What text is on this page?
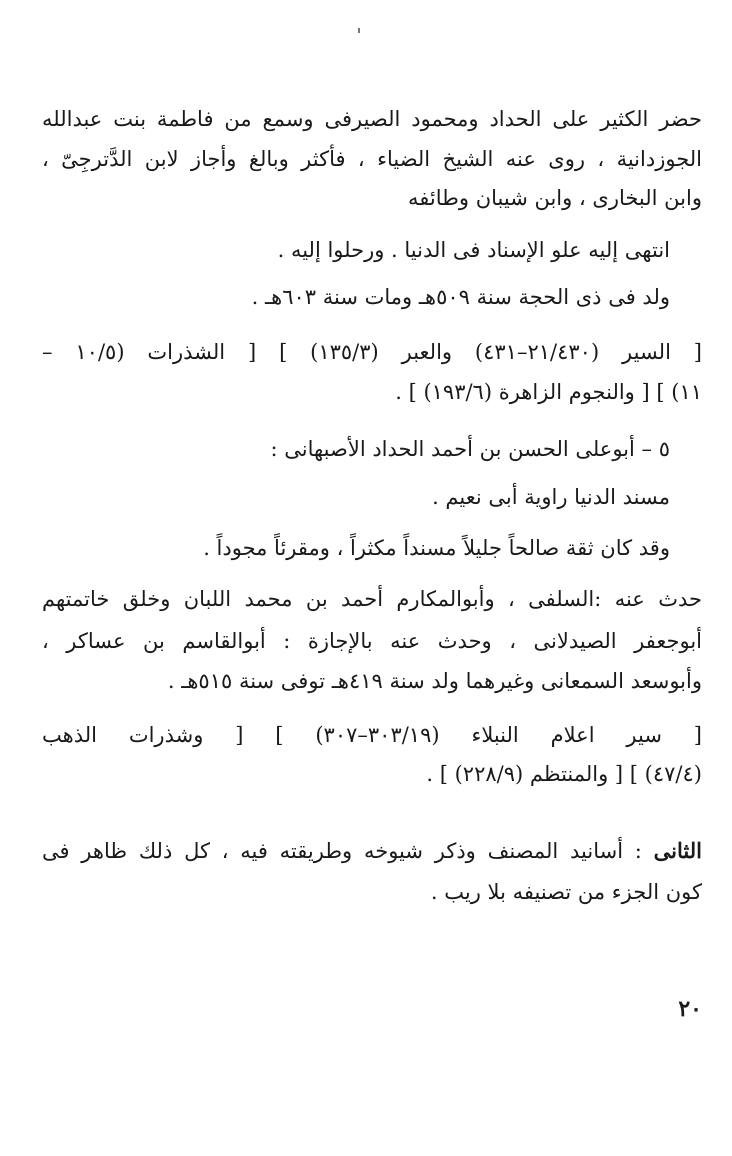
حضر الكثير على الحداد ومحمود الصيرفى وسمع من فاطمة بنت عبدالله
الجوزدانية ، روى عنه الشيخ الضياء ، فأكثر وبالغ وأجاز لابن الدَّترجِىّ ،
وابن البخارى ، وابن شيبان وطائفه
انتهى إليه علو الإسناد فى الدنيا . ورحلوا إليه .
ولد فى ذى الحجة سنة ٥٠٩هـ ومات سنة ٦٠٣هـ .
[ السير (٢١/٤٣٠–٤٣١) والعبر (١٣٥/٣) ] [ الشذرات (١٠/٥ –
١١) ] [ والنجوم الزاهرة (١٩٣/٦) ] .
٥ – أبوعلى الحسن بن أحمد الحداد الأصبهانى :
مسند الدنيا راوية أبى نعيم .
وقد كان ثقة صالحاً جليلاً مسنداً مكثراً ، ومقرئاً مجوداً .
حدث عنه :السلفى ، وأبوالمكارم أحمد بن محمد اللبان وخلق خاتمتهم
أبوجعفر الصيدلانى ، وحدث عنه بالإجازة : أبوالقاسم بن عساكر ،
وأبوسعد السمعانى وغيرهما ولد سنة ٤١٩هـ توفى سنة ٥١٥هـ .
[ سير اعلام النبلاء (٣٠٣/١٩–٣٠٧) ] [ وشذرات الذهب
(٤٧/٤) ] [ والمنتظم (٢٢٨/٩) ] .
الثانى : أسانيد المصنف وذكر شيوخه وطريقته فيه ، كل ذلك ظاهر فى
كون الجزء من تصنيفه بلا ريب .
٢٠
